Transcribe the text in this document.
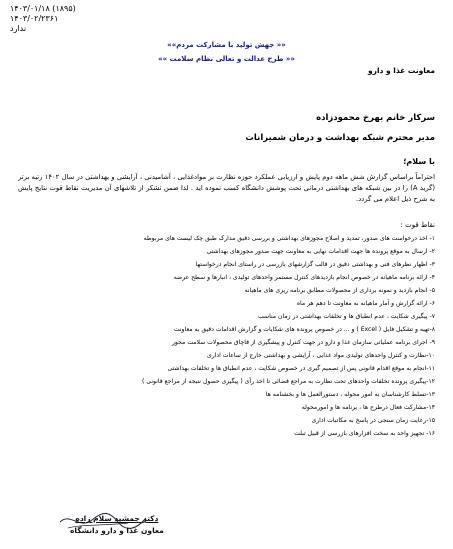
(۱۸۹۵) ۱۴۰۳/۰۱/۱۸
۱۴۰۳/۰۲/۲۳۶۱
ندارد
«« جهش تولید با مشارکت مردم»»
«« طرح عدالت و تعالی نظام سلامت »»
معاونت غذا و دارو
سرکار خانم بهرخ محمودزاده
مدیر محترم شبکه بهداشت و درمان شمیرانات
با سلام؛

احتراماً براساس گزارش شش ماهه دوم پایش و ارزیابی عملکرد حوزه نظارت بر موادغذایی ، آشامیدنی ، آرایشی و بهداشتی در سال ۱۴۰۲ رتبه برتر (گرید A) را در بین شبکه های بهداشتی درمانی تحت پوشش دانشگاه کسب نموده اید . لذا ضمن تشکر از تلاشهای آن مدیریت نقاط قوت نتایج پایش به شرح ذیل اعلام می گردد.

نقاط قوت :
۱- اخذ درخواست های صدور، تمدید و اصلاح مجوزهای بهداشتی و بررسی دقیق مدارک طبق چک لیست های مربوطه
۲- ارسال به موقع پرونده ها جهت اقدامات نهایی به معاونت جهت صدور مجوزهای بهداشتی
۳- اظهار نظرهای فنی و بهداشتی دقیق در قالب گزارشهای بازرسی در راستای انجام درخواستها
۴- ارائه برنامه ماهیانه در خصوص انجام بازدیدهای کنترل مستمر واحدهای تولیدی ، انبارها و سطح عرضه
۵- انجام بازدید و نمونه برداری از محصولات مطابق برنامه ریزی های ماهیانه
۶- ارائه گزارش و آمار ماهیانه به معاونت تا دهم هر ماه
۷- پیگیری شکایت ، عدم انطباق ها و تخلفات بهداشتی در زمان مناسب
۸-تهیه و تشکیل فایل ( Excel ) و ... در خصوص پرونده های شکایات و گزارش اقدامات دقیق به معاونت
۹- اجرای برنامه عملیاتی سازمان غذا و دارو در جهت کنترل و پیشگیری از قاچاق محصولات سلامت محور
۱۰-نظارت و کنترل واحدهای تولیدی مواد غذایی ، آرایشی و بهداشتی خارج از ساعات اداری
۱۱-انجام به موقع اقدام قانونی پس از تصمیم گیری در خصوص شکایت ، عدم انطباق ها و تخلفات بهداشتی
۱۲-پیگیری پرونده تخلفات واحدهای تحت نظارت به مراجع قضائی تا اخذ رأی ( پیگیری حصول نتیجه از مراجع قانونی )
۱۳-تسلط کارشناسان به امور محوله ، دستورالعمل ها و بخشنامه ها
۱۴-مشارکت فعال درطرح ها ، برنامه ها و امورمحوله
۱۵-رعایت زمان سنجی در پاسخ به مکاتبات اداری
۱۶- تجهیز واحد به سخت افزارهای بازرسی از قبیل تبلت
دکتر جمشید سلام زاده
معاون غذا و دارو دانشگاه
